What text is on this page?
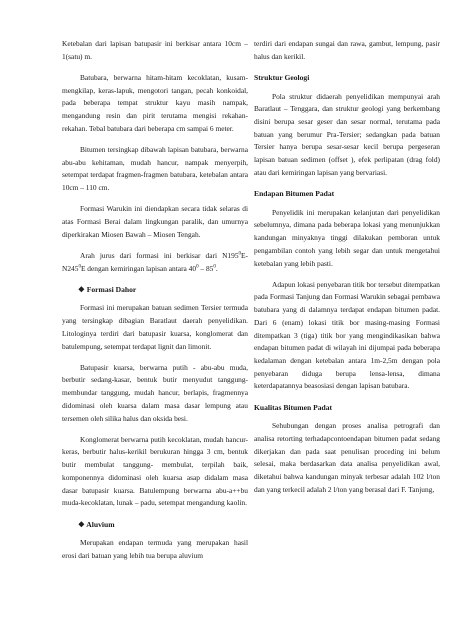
Ketebalan dari lapisan batupasir ini berkisar antara 10cm – 1(satu) m.

Batubara, berwarna hitam-hitam kecoklatan, kusam-mengkilap, keras-lapuk, mengotori tangan, pecah konkoidal, pada beberapa tempat struktur kayu masih nampak, mengandung resin dan pirit terutama mengisi rekahan-rekahan. Tebal batubara dari beberapa cm sampai 6 meter.

Bitumen tersingkap dibawah lapisan batubara, berwarna abu-abu kehitaman, mudah hancur, nampak menyerpih, setempat terdapat fragmen-fragmen batubara, ketebalan antara 10cm – 110 cm.

Formasi Warukin ini diendapkan secara tidak selaras di atas Formasi Berai dalam lingkungan paralik, dan umurnya diperkirakan Miosen Bawah – Miosen Tengah.

Arah jurus dari formasi ini berkisar dari $N195^0E-N245^0E$ dengan kemiringan lapisan antara $40^0 - 85^0$.

❖ Formasi Dahor

Formasi ini merupakan batuan sedimen Tersier termuda yang tersingkap dibagian Baratlaut daerah penyelidikan. Litologinya terdiri dari batupasir kuarsa, konglomerat dan batulempung, setempat terdapat lignit dan limonit.

Batupasir kuarsa, berwarna putih - abu-abu muda, berbutir sedang-kasar, bentuk butir menyudut tanggung-membundar tanggung, mudah hancur, berlapis, fragmennya didominasi oleh kuarsa dalam masa dasar lempung atau tersemen oleh silika halus dan oksida besi.

Konglomerat berwarna putih kecoklatan, mudah hancur-keras, berbutir halus-kerikil berukuran hingga 3 cm, bentuk butir membulat tanggung- membulat, terpilah baik, komponennya didominasi oleh kuarsa asap didalam masa dasar batupasir kuarsa. Batulempung berwarna abu-a++bu muda-kecoklatan, lunak – padu, setempat mengandung kaolin.

❖ Aluvium

Merupakan endapan termuda yang merupakan hasil erosi dari batuan yang lebih tua berupa aluvium

terdiri dari endapan sungai dan rawa, gambut, lempung, pasir halus dan kerikil.

Struktur Geologi

Pola struktur didaerah penyelidikan mempunyai arah Baratlaut – Tenggara, dan struktur geologi yang berkembang disini berupa sesar geser dan sesar normal, terutama pada batuan yang berumur Pra-Tersier; sedangkan pada batuan Tersier hanya berupa sesar-sesar kecil berupa pergeseran lapisan batuan sedimen (offset ), efek perlipatan (drag fold) atau dari kemiringan lapisan yang bervariasi.

Endapan Bitumen Padat

Penyelidik ini merupakan kelanjutan dari penyelidikan sebelumnya, dimana pada beberapa lokasi yang menunjukkan kandungan minyaknya tinggi dilakukan pemboran untuk pengambilan contoh yang lebih segar dan untuk mengetahui ketebalan yang lebih pasti.

Adapun lokasi penyebaran titik bor tersebut ditempatkan pada Formasi Tanjung dan Formasi Warukin sebagai pembawa batubara yang di dalamnya terdapat endapan bitumen padat. Dari 6 (enam) lokasi titik bor masing-masing Formasi ditempatkan 3 (tiga) titik bor yang mengindikasikan bahwa endapan bitumen padat di wilayah ini dijumpai pada beberapa kedalaman dengan ketebalan antara 1m-2,5m dengan pola penyebaran diduga berupa lensa-lensa, dimana keterdapatannya beasosiasi dengan lapisan batubara.

Kualitas Bitumen Padat

Sehubungan dengan proses analisa petrografi dan analisa retorting terhadapcontoendapan bitumen padat sedang dikerjakan dan pada saat penulisan proceding ini belum selesai, maka berdasarkan data analisa penyelidikan awal, diketahui bahwa kandungan minyak terbesar adalah 102 l/ton dan yang terkecil adalah 2 l/ton yang berasal dari F. Tanjung,
